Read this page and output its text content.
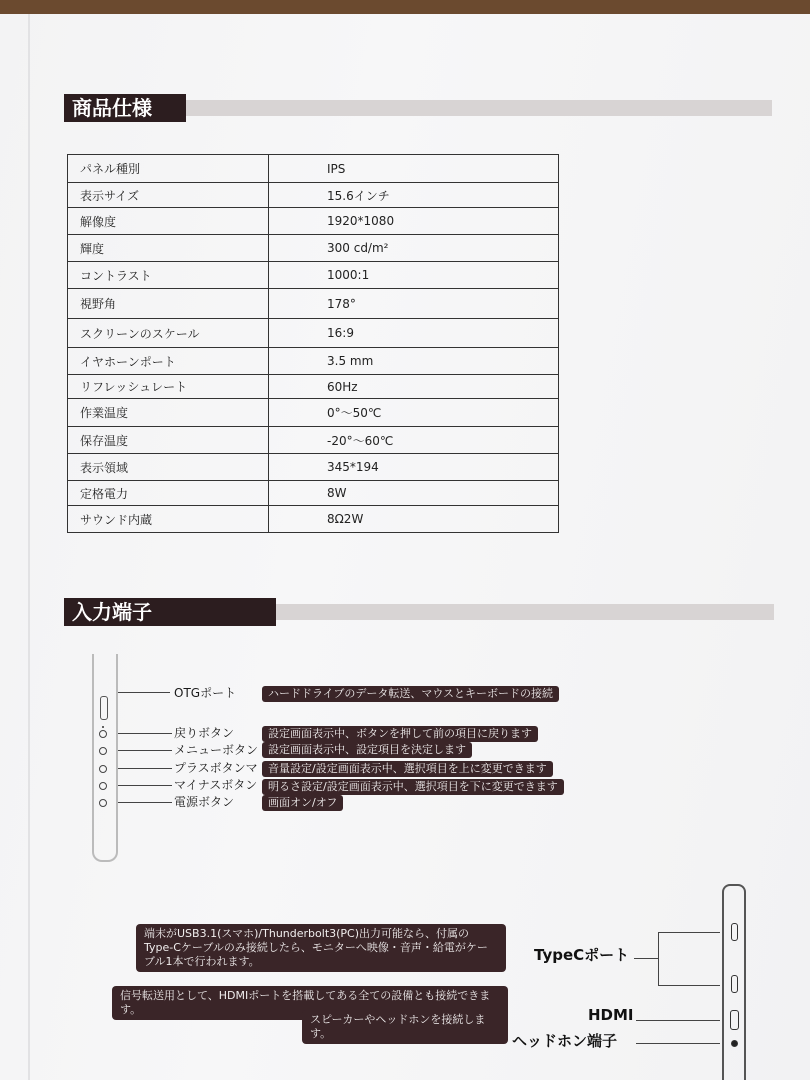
商品仕様
パネル種別	IPS
表示サイズ	15.6インチ
解像度	1920*1080
輝度	300 cd/m²
コントラスト	1000:1
視野角	178°
スクリーンのスケール	16:9
イヤホーンポート	3.5 mm
リフレッシュレート	60Hz
作業温度	0°～50℃
保存温度	-20°～60℃
表示領域	345*194
定格電力	8W
サウンド内蔵	8Ω2W
入力端子
OTGポート	ハードドライブのデータ転送、マウスとキーボードの接続
戻りボタン	設定画面表示中、ボタンを押して前の項目に戻ります
メニューボタン 設定画面表示中、設定項目を決定します
プラスボタンマ 音量設定/設定画面表示中、選択項目を上に変更できます
マイナスボタン 明るさ設定/設定画面表示中、選択項目を下に変更できます
電源ボタン	画面オン/オフ
端末がUSB3.1(スマホ)/Thunderbolt3(PC)出力可能なら、付属のType-Cケーブルのみ接続したら、モニターへ映像・音声・給電がケーブル1本で行われます。
信号転送用として、HDMIポートを搭載してある全ての設備とも接続できます。
スピーカーやヘッドホンを接続します。
TypeCポート
HDMI
ヘッドホン端子
